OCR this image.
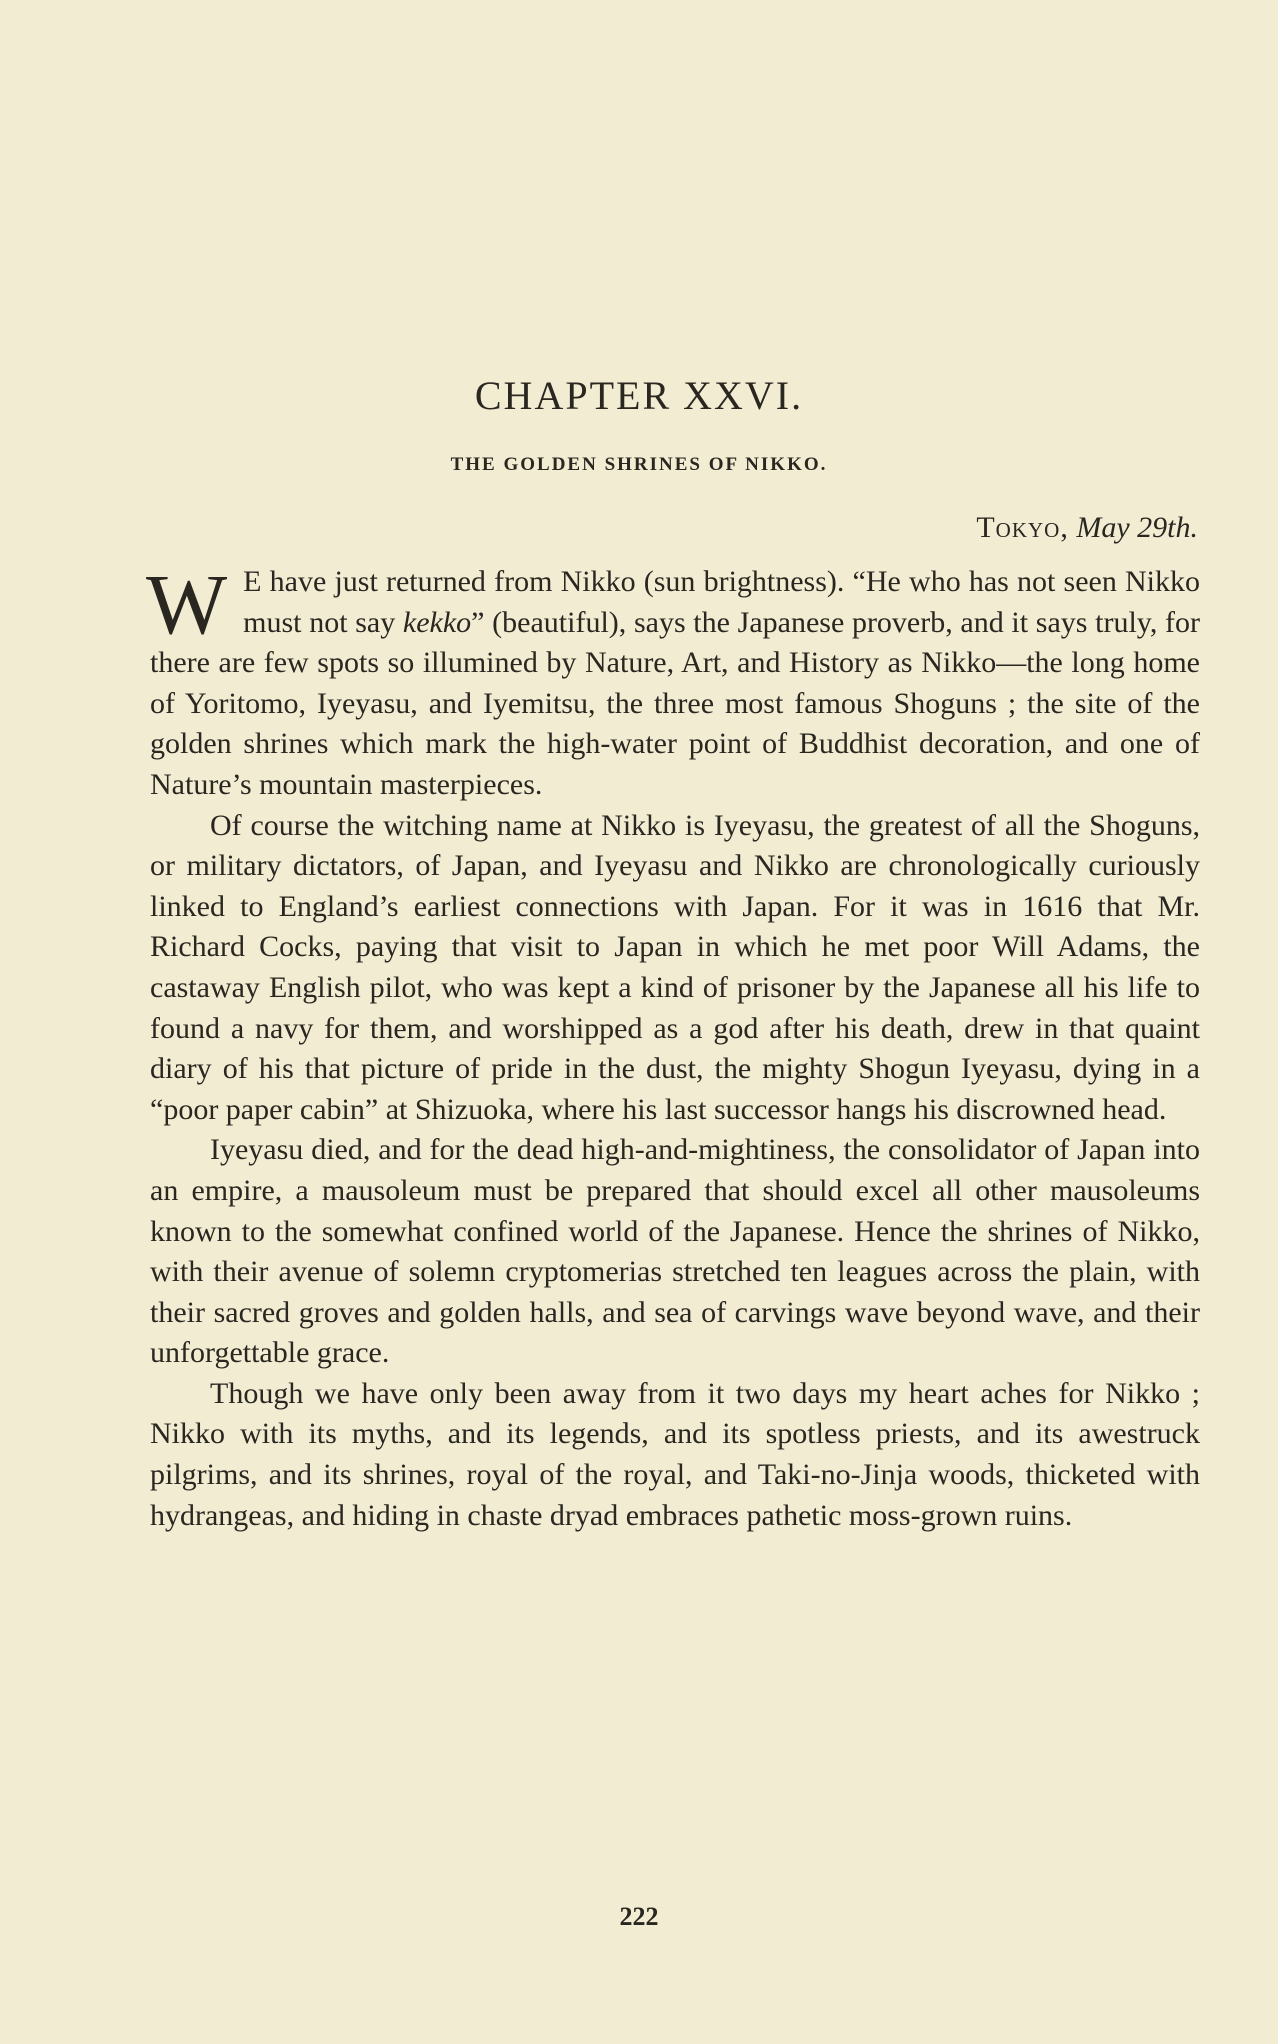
CHAPTER XXVI.
THE GOLDEN SHRINES OF NIKKO.
Tokyo, May 29th.

W E have just returned from Nikko (sun brightness). “He who has not seen Nikko must not say kekko” (beautiful), says the Japanese proverb, and it says truly, for there are few spots so illumined by Nature, Art, and History as Nikko—the long home of Yoritomo, Iyeyasu, and Iyemitsu, the three most famous Shoguns ; the site of the golden shrines which mark the high-water point of Buddhist decoration, and one of Nature’s mountain masterpieces.

Of course the witching name at Nikko is Iyeyasu, the greatest of all the Shoguns, or military dictators, of Japan, and Iyeyasu and Nikko are chronologically curiously linked to England’s earliest connections with Japan. For it was in 1616 that Mr. Richard Cocks, paying that visit to Japan in which he met poor Will Adams, the castaway English pilot, who was kept a kind of prisoner by the Japanese all his life to found a navy for them, and worshipped as a god after his death, drew in that quaint diary of his that picture of pride in the dust, the mighty Shogun Iyeyasu, dying in a “poor paper cabin” at Shizuoka, where his last successor hangs his discrowned head.

Iyeyasu died, and for the dead high-and-mightiness, the consolidator of Japan into an empire, a mausoleum must be prepared that should excel all other mausoleums known to the somewhat confined world of the Japanese. Hence the shrines of Nikko, with their avenue of solemn cryptomerias stretched ten leagues across the plain, with their sacred groves and golden halls, and sea of carvings wave beyond wave, and their unforgettable grace.

Though we have only been away from it two days my heart aches for Nikko ; Nikko with its myths, and its legends, and its spotless priests, and its awestruck pilgrims, and its shrines, royal of the royal, and Taki-no-Jinja woods, thicketed with hydrangeas, and hiding in chaste dryad embraces pathetic moss-grown ruins.

222
